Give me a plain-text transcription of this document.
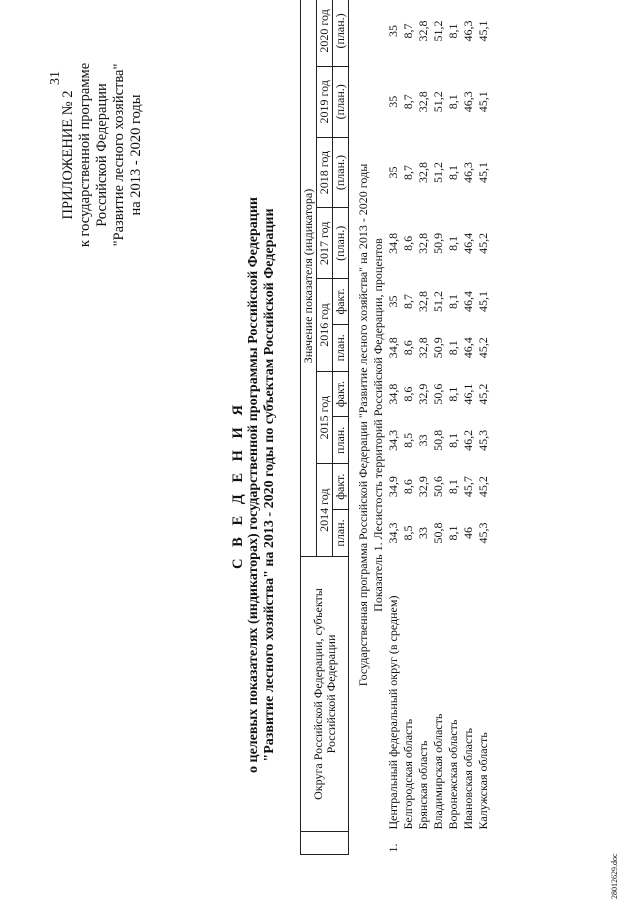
31
ПРИЛОЖЕНИЕ № 2 к государственной программе Российской Федерации "Развитие лесного хозяйства" на 2013 - 2020 годы
С В Е Д Е Н И Я о целевых показателях (индикаторах) государственной программы Российской Федерации "Развитие лесного хозяйства" на 2013 - 2020 годы по субъектам Российской Федерации
		Округа Российской Федерации, субъекты Российской Федерации	Значение показателя (индикатора)									
		2014 год		2015 год		2016 год		2017 год	2018 год	2019 год	2020 год
		план.	факт.	план.	факт.	план.	факт.	(план.)	(план.)	(план.)	(план.)
Государственная программа Российской Федерации "Развитие лесного хозяйства" на 2013 - 2020 годы											
Показатель 1. Лесистость территорий Российской Федерации, процентов											
1.	Центральный федеральный округ (в среднем)	34,3	34,9	34,3	34,8	34,8	35	34,8	35	35	35
	Белгородская область	8,5	8,6	8,5	8,6	8,6	8,7	8,6	8,7	8,7	8,7
	Брянская область	33	32,9	33	32,9	32,8	32,8	32,8	32,8	32,8	32,8
	Владимирская область	50,8	50,6	50,8	50,6	50,9	51,2	50,9	51,2	51,2	51,2
	Воронежская область	8,1	8,1	8,1	8,1	8,1	8,1	8,1	8,1	8,1	8,1
	Ивановская область	46	45,7	46,2	46,1	46,4	46,4	46,4	46,3	46,3	46,3
	Калужская область	45,3	45,2	45,3	45,2	45,2	45,1	45,2	45,1	45,1	45,1
28012629.doc
